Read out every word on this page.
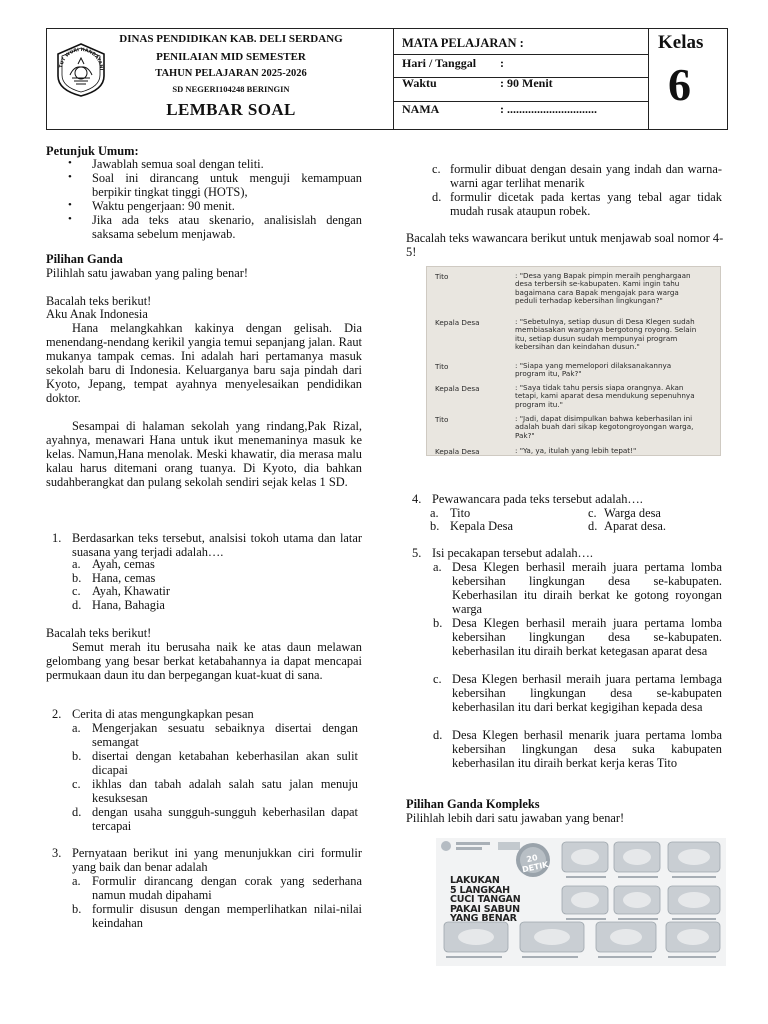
TUT WURI HANDAYANI
DINAS PENDIDIKAN KAB. DELI SERDANG
PENILAIAN MID SEMESTER
TAHUN PELAJARAN 2025-2026
SD NEGERI104248 BERINGIN
LEMBAR SOAL
MATA PELAJARAN :
Hari / Tanggal :
Waktu	: 90 Menit
NAMA	: ..............................
Kelas
6
Petunjuk Umum:
• Jawablah semua soal dengan teliti.
• Soal ini dirancang untuk menguji kemampuan berpikir tingkat tinggi (HOTS),
• Waktu pengerjaan: 90 menit.
• Jika ada teks atau skenario, analisislah dengan saksama sebelum menjawab.
Pilihan Ganda
Pilihlah satu jawaban yang paling benar!
Bacalah teks berikut!
Aku Anak Indonesia
Hana melangkahkan kakinya dengan gelisah. Dia menendang-nendang kerikil yangia temui sepanjang jalan. Raut mukanya tampak cemas. Ini adalah hari pertamanya masuk sekolah baru di Indonesia. Keluarganya baru saja pindah dari Kyoto, Jepang, tempat ayahnya menyelesaikan pendidikan doktor.
Sesampai di halaman sekolah yang rindang,Pak Rizal, ayahnya, menawari Hana untuk ikut menemaninya masuk ke kelas. Namun,Hana menolak. Meski khawatir, dia merasa malu kalau harus ditemani orang tuanya. Di Kyoto, dia bahkan sudahberangkat dan pulang sekolah sendiri sejak kelas 1 SD.
1. Berdasarkan teks tersebut, analsisi tokoh utama dan latar suasana yang terjadi adalah….
a. Ayah, cemas
b. Hana, cemas
c. Ayah, Khawatir
d. Hana, Bahagia
Bacalah teks berikut!
Semut merah itu berusaha naik ke atas daun melawan gelombang yang besar berkat ketabahannya ia dapat mencapai permukaan daun itu dan berpegangan kuat-kuat di sana.
2. Cerita di atas mengungkapkan pesan
a. Mengerjakan sesuatu sebaiknya disertai dengan semangat
b. disertai dengan ketabahan keberhasilan akan sulit dicapai
c. ikhlas dan tabah adalah salah satu jalan menuju kesuksesan
d. dengan usaha sungguh-sungguh keberhasilan dapat tercapai
3. Pernyataan berikut ini yang menunjukkan ciri formulir yang baik dan benar adalah
a. Formulir dirancang dengan corak yang sederhana namun mudah dipahami
b. formulir disusun dengan memperlihatkan nilai-nilai keindahan
c. formulir dibuat dengan desain yang indah dan warna-warni agar terlihat menarik
d. formulir dicetak pada kertas yang tebal agar tidak mudah rusak ataupun robek.
Bacalah teks wawancara berikut untuk menjawab soal nomor 4-5!
Tito	: "Desa yang Bapak pimpin meraih penghargaan desa terbersih se-kabupaten. Kami ingin tahu bagaimana cara Bapak mengajak para warga peduli terhadap kebersihan lingkungan?"
Kepala Desa	: "Sebetulnya, setiap dusun di Desa Klegen sudah membiasakan warganya bergotong royong. Selain itu, setiap dusun sudah mempunyai program kebersihan dan keindahan dusun."
Tito	: "Siapa yang memelopori dilaksanakannya program itu, Pak?"
Kepala Desa	: "Saya tidak tahu persis siapa orangnya. Akan tetapi, kami aparat desa mendukung sepenuhnya program itu."
Tito	: "Jadi, dapat disimpulkan bahwa keberhasilan ini adalah buah dari sikap kegotongroyongan warga, Pak?"
Kepala Desa	: "Ya, ya, itulah yang lebih tepat!"
4. Pewawancara pada teks tersebut adalah….
a. Tito	c. Warga desa
b. Kepala Desa	d. Aparat desa.
5. Isi pecakapan tersebut adalah….
a. Desa Klegen berhasil meraih juara pertama lomba kebersihan lingkungan desa se-kabupaten. Keberhasilan itu diraih berkat ke gotong royongan warga
b. Desa Klegen berhasil meraih juara pertama lomba kebersihan lingkungan desa se-kabupaten. keberhasilan itu diraih berkat ketegasan aparat desa
c. Desa Klegen berhasil meraih juara pertama lembaga kebersihan lingkungan desa se-kabupaten keberhasilan itu dari berkat kegigihan kepada desa
d. Desa Klegen berhasil menarik juara pertama lomba kebersihan lingkungan desa suka kabupaten keberhasilan itu diraih berkat kerja keras Tito
Pilihan Ganda Kompleks
Pilihlah lebih dari satu jawaban yang benar!
20 DETIK
LAKUKAN
5 LANGKAH
CUCI TANGAN
PAKAI SABUN
YANG BENAR
